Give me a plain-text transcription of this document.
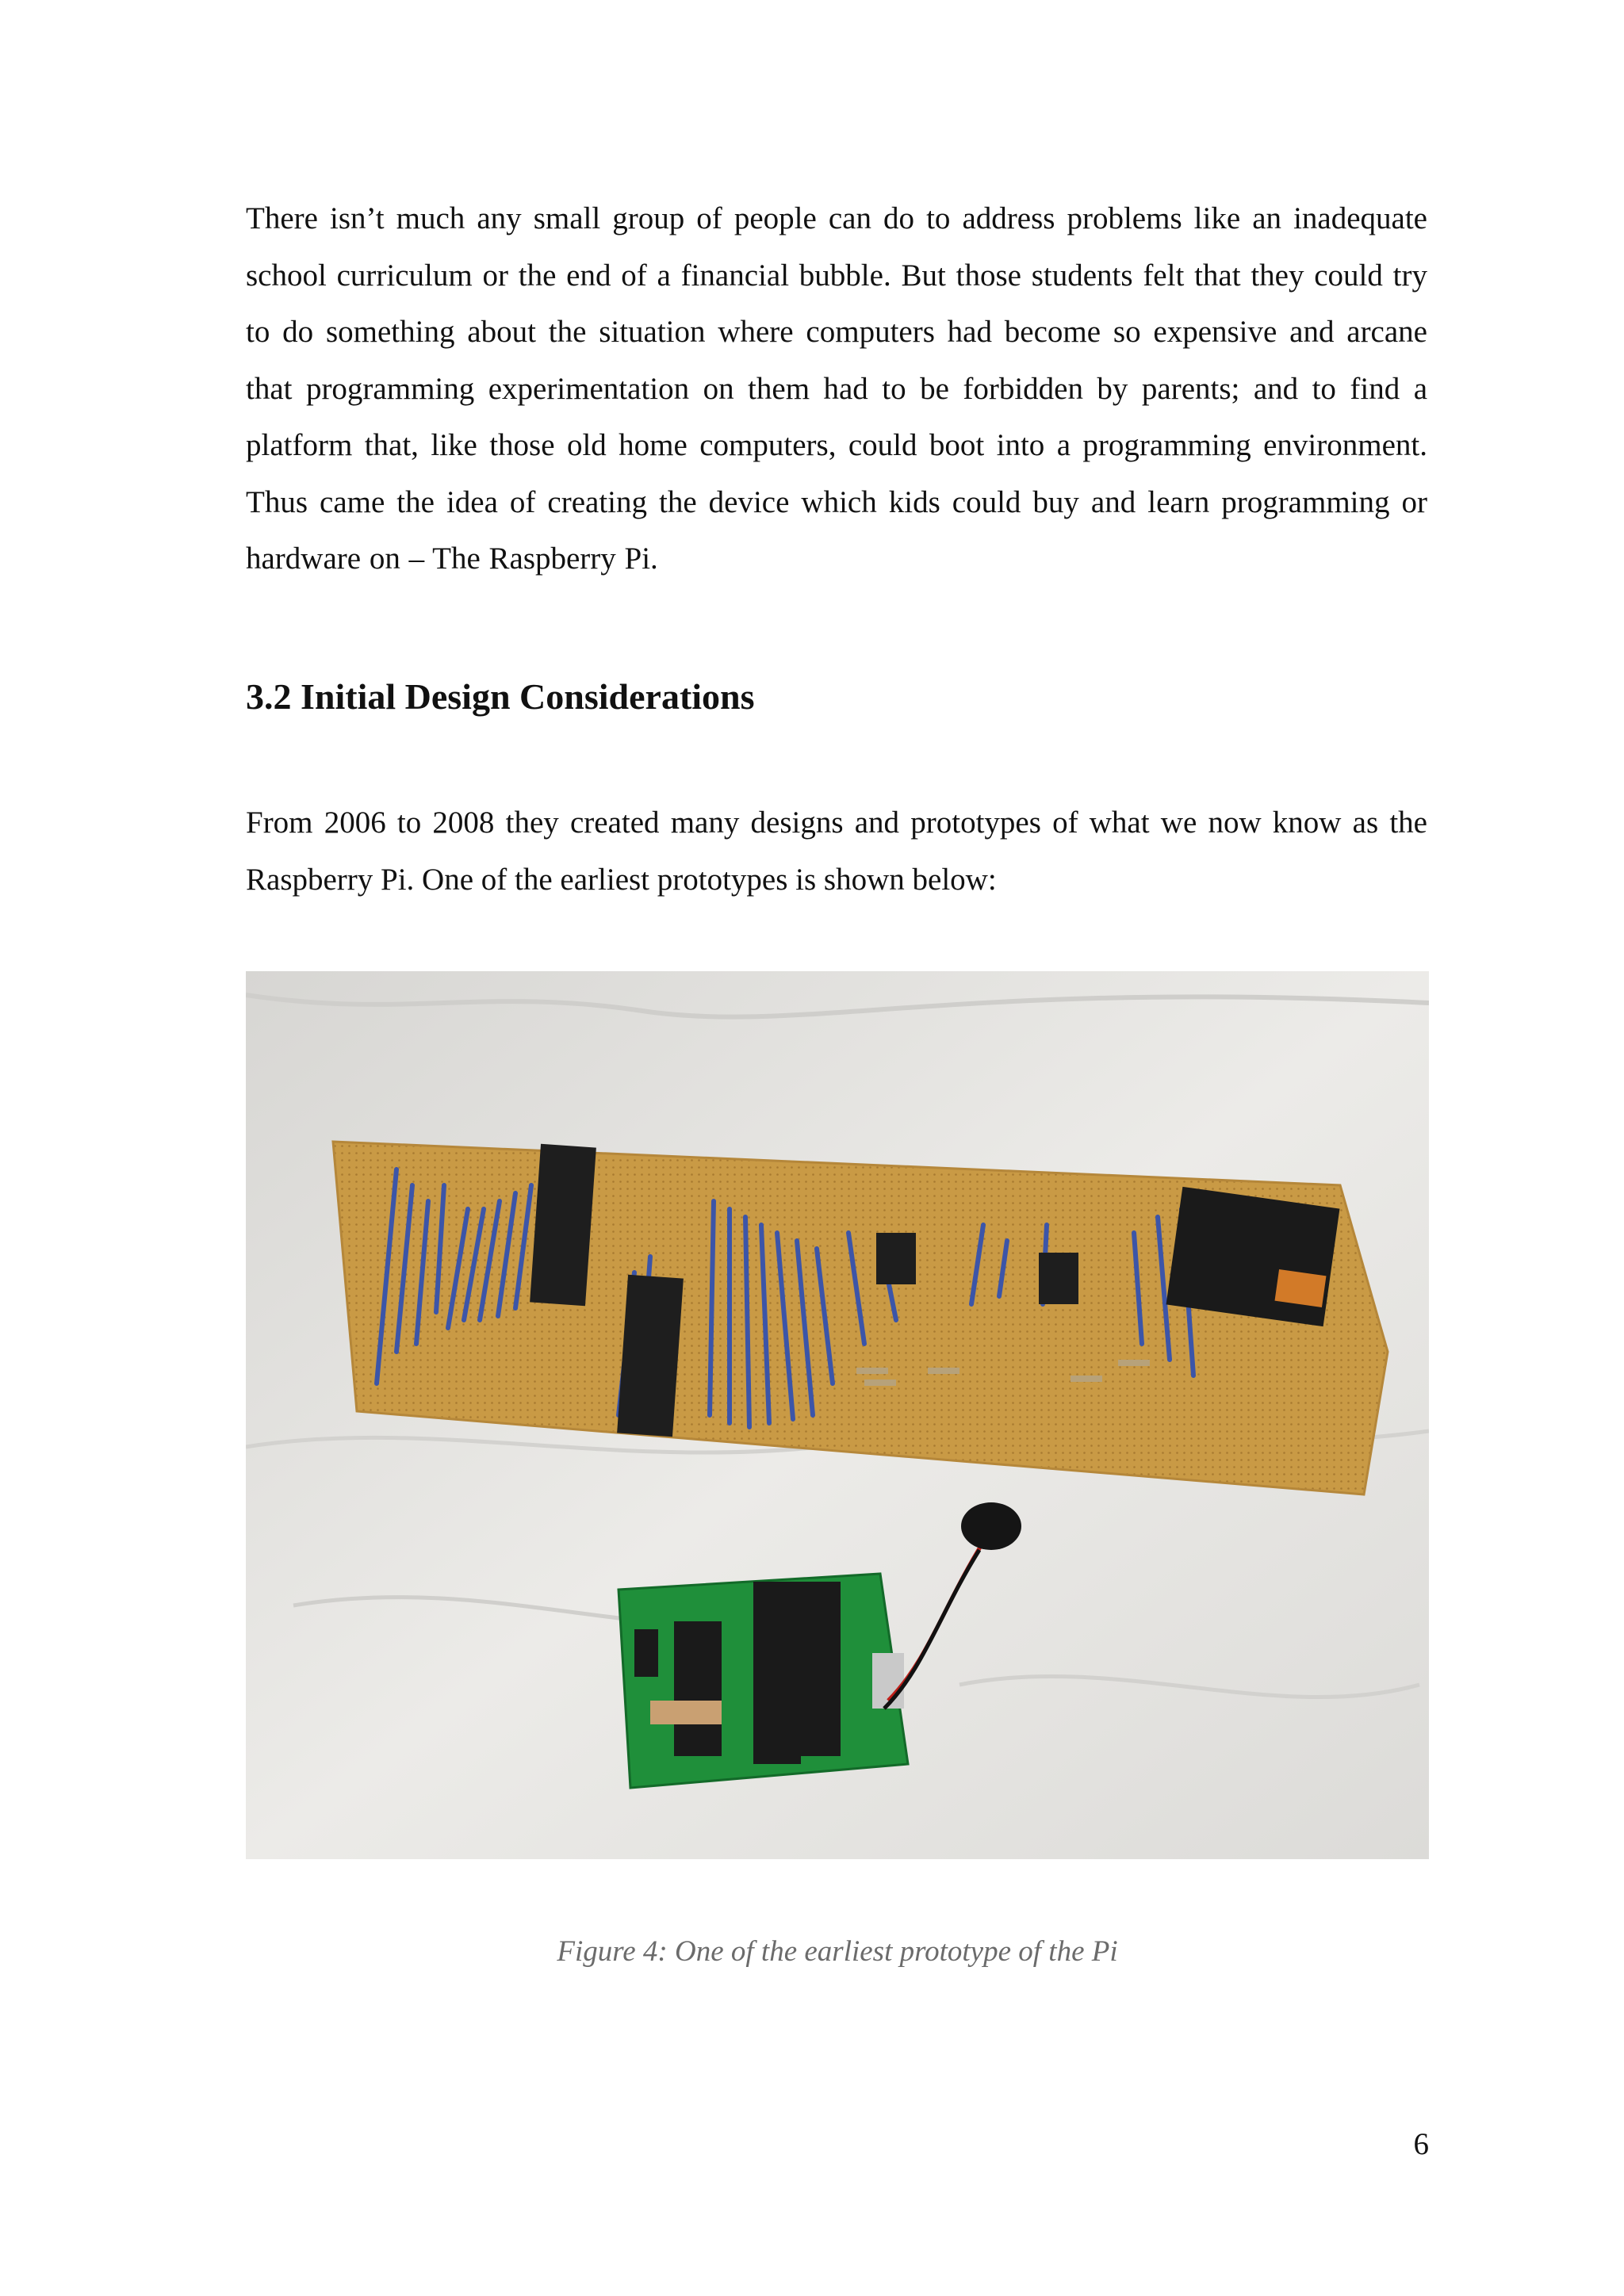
There isn’t much any small group of people can do to address problems like an inadequate school curriculum or the end of a financial bubble. But those students felt that they could try to do something about the situation where computers had become so expensive and arcane that programming experimentation on them had to be forbidden by parents; and to find a platform that, like those old home computers, could boot into a programming environment. Thus came the idea of creating the device which kids could buy and learn programming or hardware on – The Raspberry Pi.

3.2 Initial Design Considerations

From 2006 to 2008 they created many designs and prototypes of what we now know as the Raspberry Pi. One of the earliest prototypes is shown below:

Figure 4: One of the earliest prototype of the Pi

6
